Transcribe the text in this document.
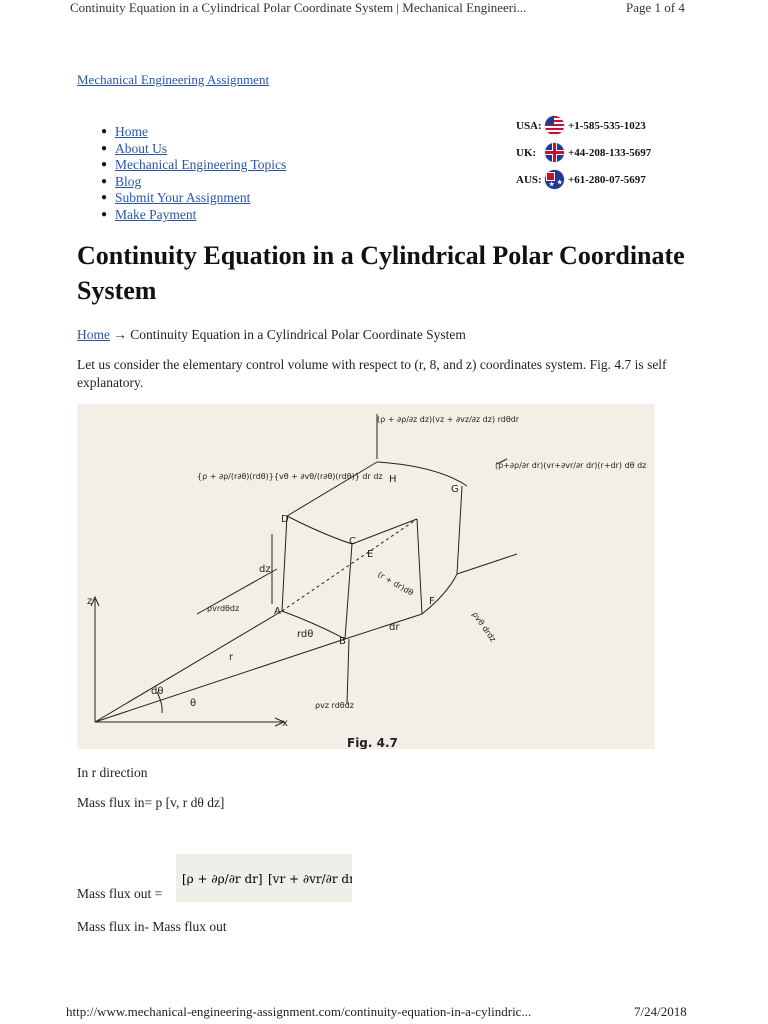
Continuity Equation in a Cylindrical Polar Coordinate System | Mechanical Engineeri...	Page 1 of 4
Mechanical Engineering Assignment
● Home
● About Us
● Mechanical Engineering Topics
● Blog
● Submit Your Assignment
● Make Payment
USA:	+1-585-535-1023
UK:	+44-208-133-5697
AUS:	★
★ +61-280-07-5697
Continuity Equation in a Cylindrical Polar Coordinate System
Home → Continuity Equation in a Cylindrical Polar Coordinate System
Let us consider the elementary control volume with respect to (r, 8, and z) coordinates system. Fig. 4.7 is self explanatory.
(ρ + ∂ρ/∂z dz)(vz + ∂vz/∂z dz) rdθdr
{ρ + ∂ρ/(r∂θ)(rdθ)}{vθ + ∂vθ/(r∂θ)(rdθ)} dr dz
(ρ+∂ρ/∂r dr)(vr+∂vr/∂r dr)(r+dr) dθ dz
ρvrdθdz
ρvz rdθdz
ρvθ drdz
rdθ
dz
dr
r
(r + dr)dθ
dθ
θ
z
x
A
B
C
D
E
F
G
H
Fig. 4.7
In r direction
Mass flux in= p [v, r dθ dz]
Mass flux out =
[ρ + ∂ρ/∂r dr] [vr + ∂vr/∂r dr]
Mass flux in- Mass flux out
http://www.mechanical-engineering-assignment.com/continuity-equation-in-a-cylindric...	7/24/2018
